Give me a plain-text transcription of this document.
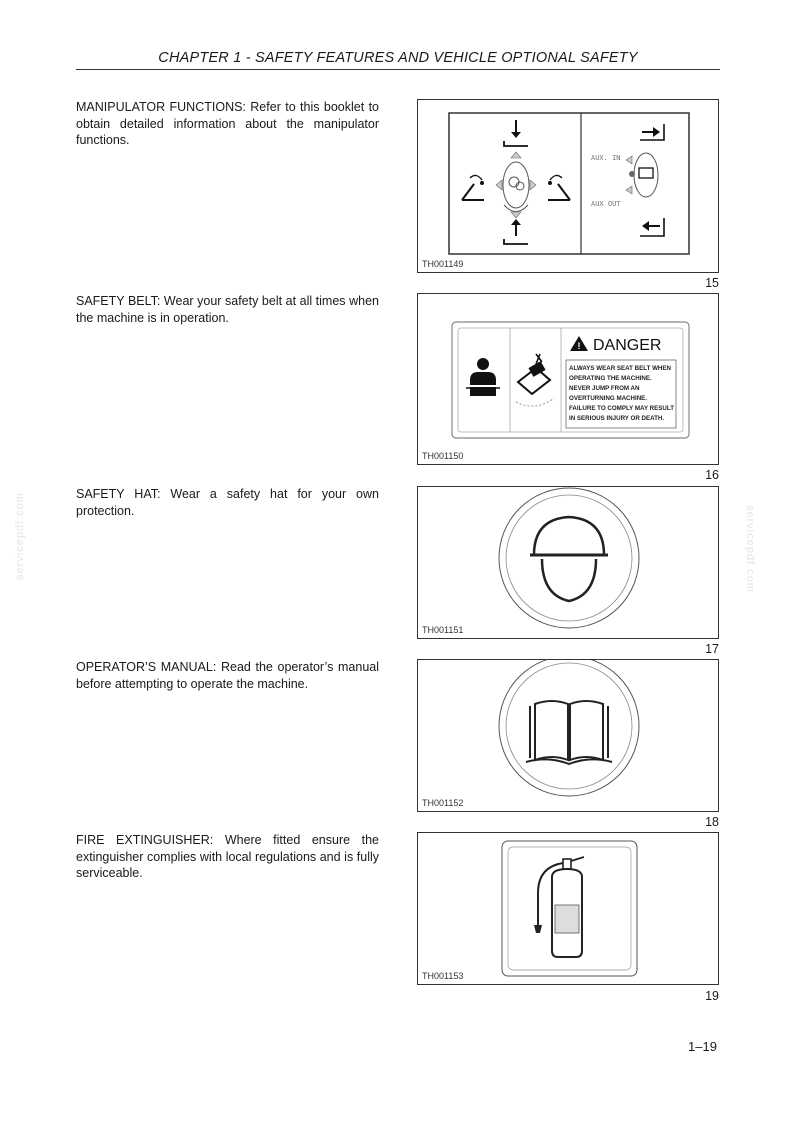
CHAPTER 1 - SAFETY FEATURES AND VEHICLE OPTIONAL SAFETY
servicepdf.com	servicepdf.com
MANIPULATOR FUNCTIONS: Refer to this booklet to obtain detailed information about the manipulator functions.
AUX. IN
AUX OUT
TH001149
15
SAFETY BELT: Wear your safety belt at all times when the machine is in operation.
! DANGER
ALWAYS WEAR SEAT BELT WHEN
OPERATING THE MACHINE.
NEVER JUMP FROM AN
OVERTURNING MACHINE.
FAILURE TO COMPLY MAY RESULT
IN SERIOUS INJURY OR DEATH.
TH001150
16
SAFETY HAT: Wear a safety hat for your own protection.
TH001151
17
OPERATOR’S MANUAL: Read the operator’s manual before attempting to operate the machine.
TH001152
18
FIRE EXTINGUISHER: Where fitted ensure the extinguisher complies with local regulations and is fully serviceable.
TH001153
19
1–19
